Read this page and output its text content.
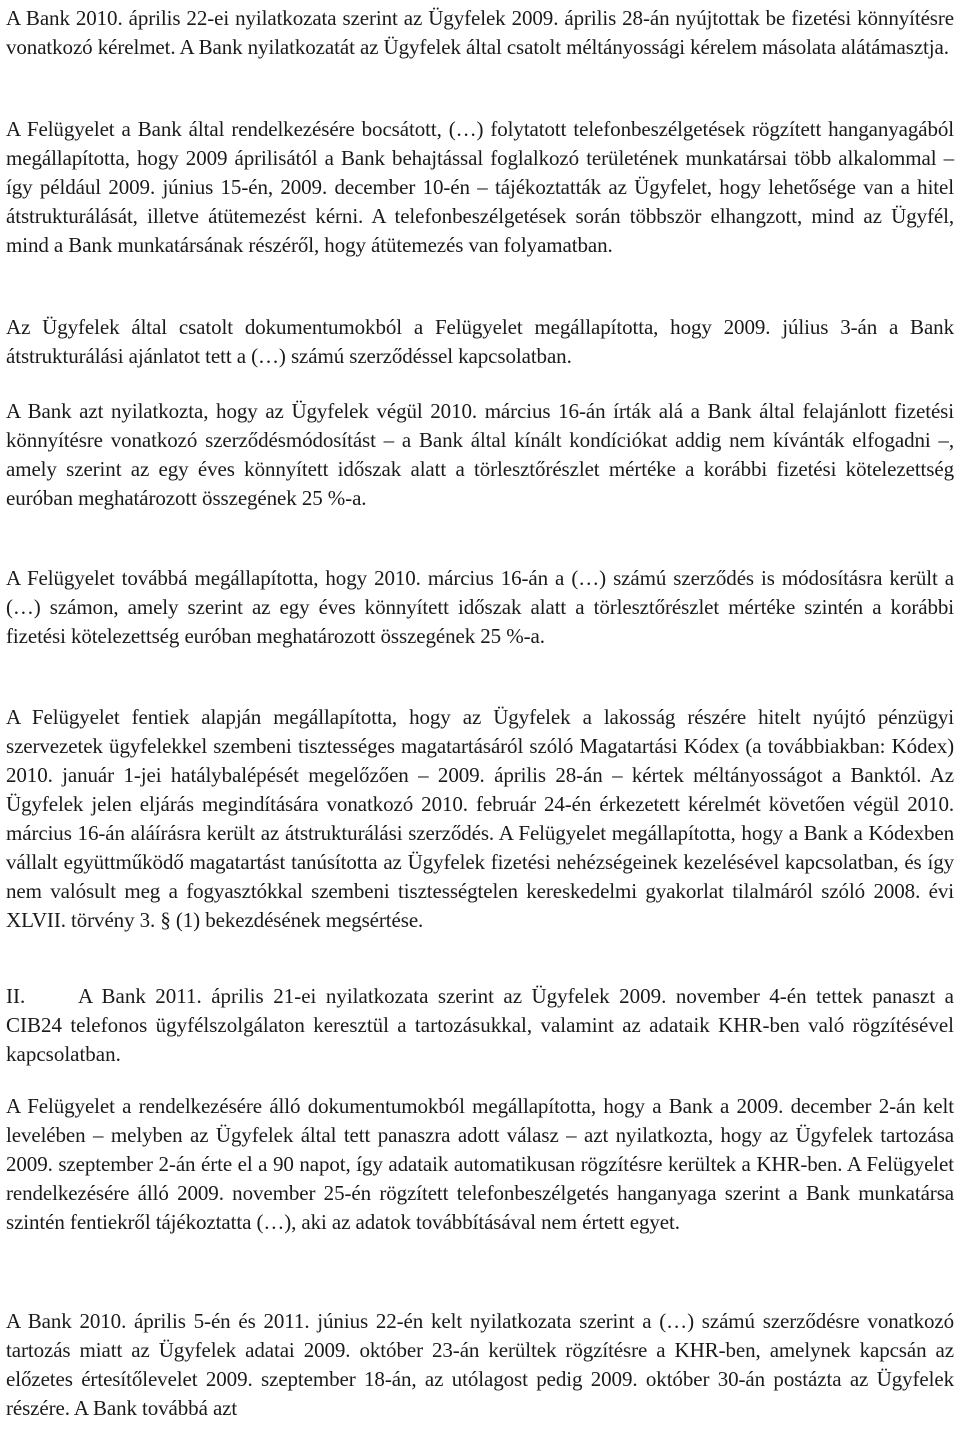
A Bank 2010. április 22-ei nyilatkozata szerint az Ügyfelek 2009. április 28-án nyújtottak be fizetési könnyítésre vonatkozó kérelmet. A Bank nyilatkozatát az Ügyfelek által csatolt méltányossági kérelem másolata alátámasztja.

A Felügyelet a Bank által rendelkezésére bocsátott, (…) folytatott telefonbeszélgetések rögzített hanganyagából megállapította, hogy 2009 áprilisától a Bank behajtással foglalkozó területének munkatársai több alkalommal – így például 2009. június 15-én, 2009. december 10-én – tájékoztatták az Ügyfelet, hogy lehetősége van a hitel átstrukturálását, illetve átütemezést kérni. A telefonbeszélgetések során többször elhangzott, mind az Ügyfél, mind a Bank munkatársának részéről, hogy átütemezés van folyamatban.

Az Ügyfelek által csatolt dokumentumokból a Felügyelet megállapította, hogy 2009. július 3-án a Bank átstrukturálási ajánlatot tett a (…) számú szerződéssel kapcsolatban.

A Bank azt nyilatkozta, hogy az Ügyfelek végül 2010. március 16-án írták alá a Bank által felajánlott fizetési könnyítésre vonatkozó szerződésmódosítást – a Bank által kínált kondíciókat addig nem kívánták elfogadni –, amely szerint az egy éves könnyített időszak alatt a törlesztőrészlet mértéke a korábbi fizetési kötelezettség euróban meghatározott összegének 25 %-a.

A Felügyelet továbbá megállapította, hogy 2010. március 16-án a (…) számú szerződés is módosításra került a (…) számon, amely szerint az egy éves könnyített időszak alatt a törlesztőrészlet mértéke szintén a korábbi fizetési kötelezettség euróban meghatározott összegének 25 %-a.

A Felügyelet fentiek alapján megállapította, hogy az Ügyfelek a lakosság részére hitelt nyújtó pénzügyi szervezetek ügyfelekkel szembeni tisztességes magatartásáról szóló Magatartási Kódex (a továbbiakban: Kódex) 2010. január 1-jei hatálybalépését megelőzően – 2009. április 28-án – kértek méltányosságot a Banktól. Az Ügyfelek jelen eljárás megindítására vonatkozó 2010. február 24-én érkezetett kérelmét követően végül 2010. március 16-án aláírásra került az átstrukturálási szerződés. A Felügyelet megállapította, hogy a Bank a Kódexben vállalt együttműködő magatartást tanúsította az Ügyfelek fizetési nehézségeinek kezelésével kapcsolatban, és így nem valósult meg a fogyasztókkal szembeni tisztességtelen kereskedelmi gyakorlat tilalmáról szóló 2008. évi XLVII. törvény 3. § (1) bekezdésének megsértése.

II.	A Bank 2011. április 21-ei nyilatkozata szerint az Ügyfelek 2009. november 4-én tettek panaszt a CIB24 telefonos ügyfélszolgálaton keresztül a tartozásukkal, valamint az adataik KHR-ben való rögzítésével kapcsolatban.

A Felügyelet a rendelkezésére álló dokumentumokból megállapította, hogy a Bank a 2009. december 2-án kelt levelében – melyben az Ügyfelek által tett panaszra adott válasz – azt nyilatkozta, hogy az Ügyfelek tartozása 2009. szeptember 2-án érte el a 90 napot, így adataik automatikusan rögzítésre kerültek a KHR-ben. A Felügyelet rendelkezésére álló 2009. november 25-én rögzített telefonbeszélgetés hanganyaga szerint a Bank munkatársa szintén fentiekről tájékoztatta (…), aki az adatok továbbításával nem értett egyet.

A Bank 2010. április 5-én és 2011. június 22-én kelt nyilatkozata szerint a (…) számú szerződésre vonatkozó tartozás miatt az Ügyfelek adatai 2009. október 23-án kerültek rögzítésre a KHR-ben, amelynek kapcsán az előzetes értesítőlevelet 2009. szeptember 18-án, az utólagost pedig 2009. október 30-án postázta az Ügyfelek részére. A Bank továbbá azt
